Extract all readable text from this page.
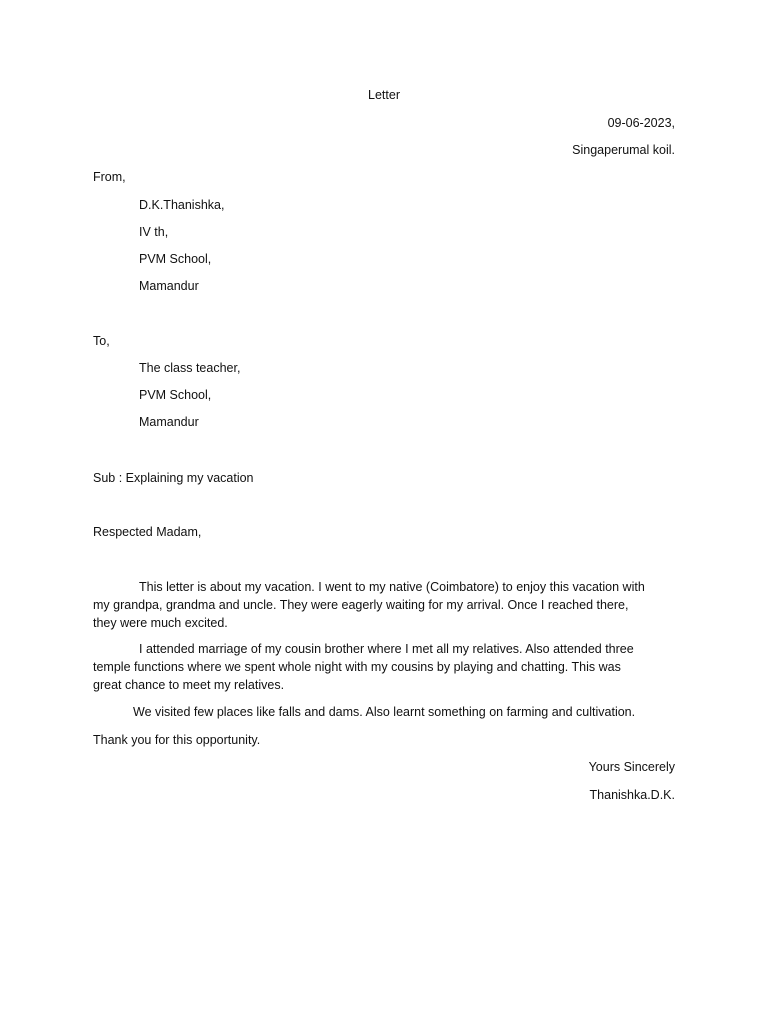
Letter
09-06-2023,
Singaperumal koil.
From,
D.K.Thanishka,
IV th,
PVM School,
Mamandur
To,
The class teacher,
PVM School,
Mamandur
Sub : Explaining my vacation
Respected Madam,
This letter is about my vacation. I went to my native (Coimbatore) to enjoy this vacation with
my grandpa, grandma and uncle. They were eagerly waiting for my arrival. Once I reached there,
they were much excited.
I attended marriage of my cousin brother where I met all my relatives. Also attended three
temple functions where we spent whole night with my cousins by playing and chatting. This was
great chance to meet my relatives.
We visited few places like falls and dams. Also learnt something on farming and cultivation.
Thank you for this opportunity.
Yours Sincerely
Thanishka.D.K.
